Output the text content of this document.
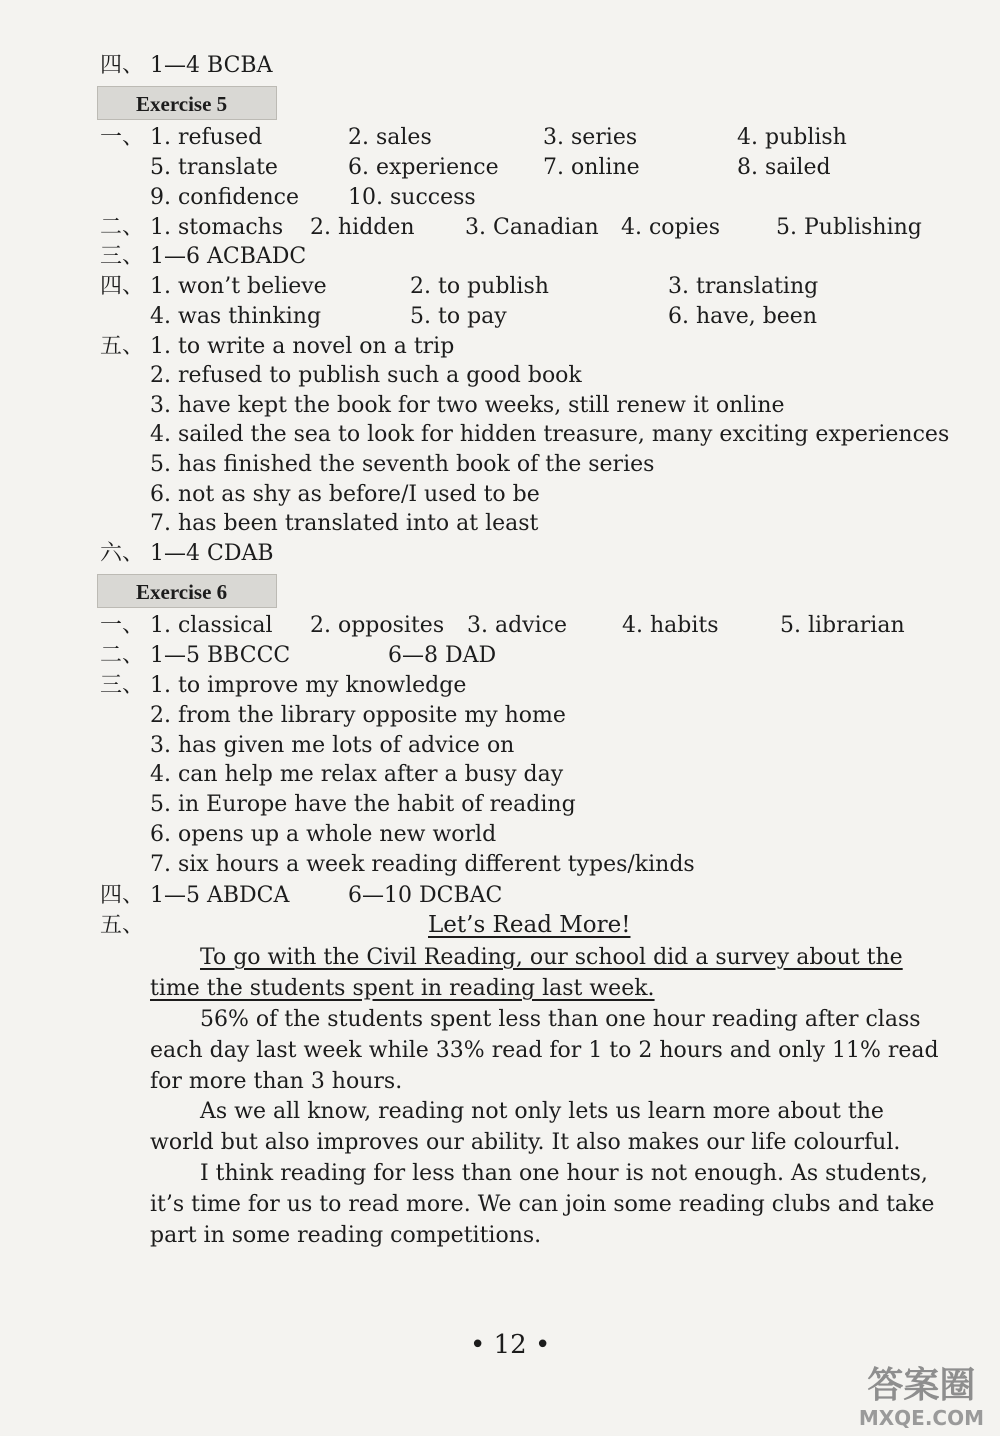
四、 1—4 BCBA
Exercise 5
一、 1. refused	2. sales	3. series	4. publish
5. translate	6. experience 7. online	8. sailed
9. confidence 10. success
二、 1. stomachs 2. hidden 3. Canadian 4. copies	5. Publishing
三、 1—6 ACBADC
四、 1. won’t believe	2. to publish	3. translating
4. was thinking	5. to pay	6. have, been
五、 1. to write a novel on a trip
2. refused to publish such a good book
3. have kept the book for two weeks, still renew it online
4. sailed the sea to look for hidden treasure, many exciting experiences
5. has finished the seventh book of the series
6. not as shy as before/I used to be
7. has been translated into at least
六、 1—4 CDAB
Exercise 6
一、 1. classical 2. opposites 3. advice	4. habits	5. librarian
二、 1—5 BBCCC	6—8 DAD
三、 1. to improve my knowledge
2. from the library opposite my home
3. has given me lots of advice on
4. can help me relax after a busy day
5. in Europe have the habit of reading
6. opens up a whole new world
7. six hours a week reading different types/kinds
四、 1—5 ABDCA	6—10 DCBAC
五、	Let’s Read More!
To go with the Civil Reading, our school did a survey about the time the students spent in reading last week.
56% of the students spent less than one hour reading after class each day last week while 33% read for 1 to 2 hours and only 11% read for more than 3 hours.
As we all know, reading not only lets us learn more about the world but also improves our ability. It also makes our life colourful.
I think reading for less than one hour is not enough. As students, it’s time for us to read more. We can join some reading clubs and take part in some reading competitions.
• 12 •
答案圈
MXQE.COM
